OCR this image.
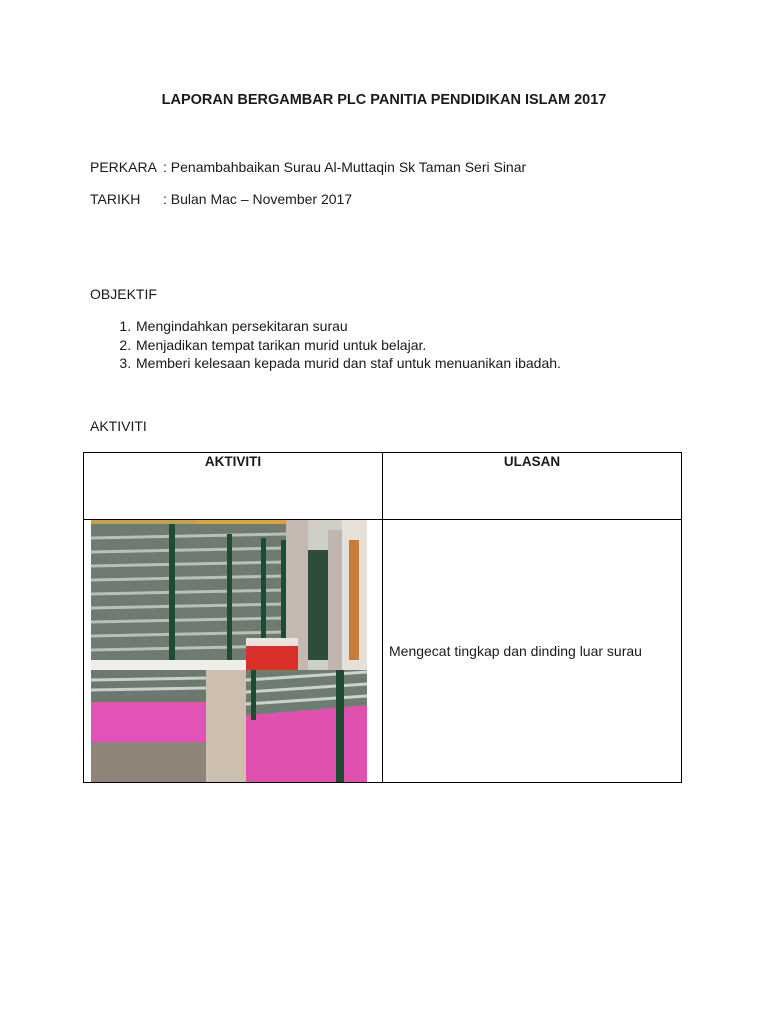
LAPORAN BERGAMBAR PLC PANITIA PENDIDIKAN ISLAM 2017
PERKARA : Penambahbaikan Surau Al-Muttaqin Sk Taman Seri Sinar
TARIKH : Bulan Mac – November 2017
OBJEKTIF
1. Mengindahkan persekitaran surau
2. Menjadikan tempat tarikan murid untuk belajar.
3. Memberi kelesaan kepada murid dan staf untuk menuanikan ibadah.
AKTIVITI
AKTIVITI	ULASAN

	Mengecat tingkap dan dinding luar surau
